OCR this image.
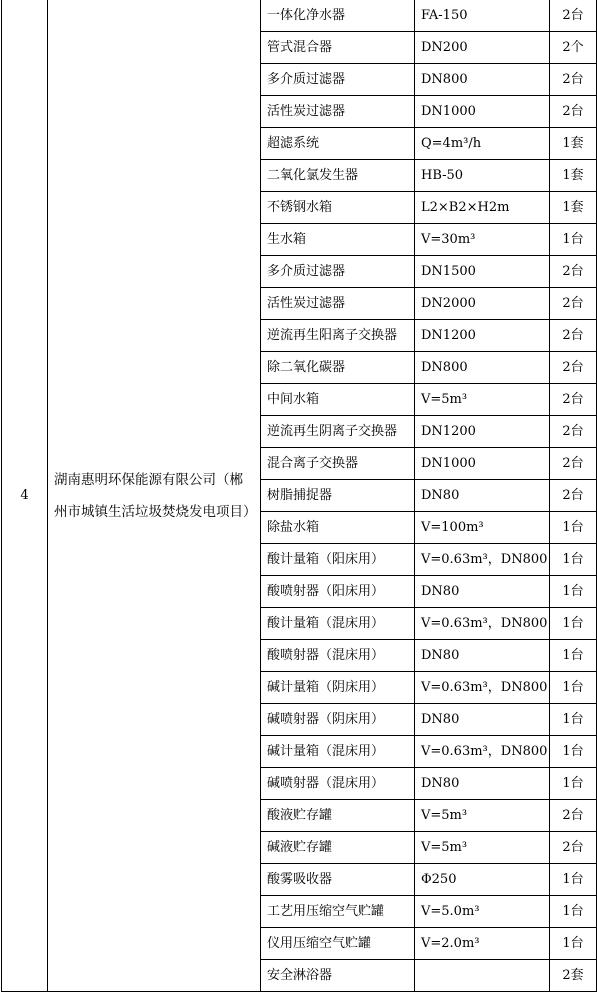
4	湖南惠明环保能源有限公司（郴州市城镇生活垃圾焚烧发电项目）	一体化净水器	FA-150	2台
		管式混合器	DN200	2个
		多介质过滤器	DN800	2台
		活性炭过滤器	DN1000	2台
		超滤系统	Q=4m³/h	1套
		二氧化氯发生器	HB-50	1套
		不锈钢水箱	L2×B2×H2m	1套
		生水箱	V=30m³	1台
		多介质过滤器	DN1500	2台
		活性炭过滤器	DN2000	2台
		逆流再生阳离子交换器	DN1200	2台
		除二氧化碳器	DN800	2台
		中间水箱	V=5m³	2台
		逆流再生阴离子交换器	DN1200	2台
		混合离子交换器	DN1000	2台
		树脂捕捉器	DN80	2台
		除盐水箱	V=100m³	1台
		酸计量箱（阳床用）	V=0.63m³，DN800	1台
		酸喷射器（阳床用）	DN80	1台
		酸计量箱（混床用）	V=0.63m³，DN800	1台
		酸喷射器（混床用）	DN80	1台
		碱计量箱（阴床用）	V=0.63m³，DN800	1台
		碱喷射器（阴床用）	DN80	1台
		碱计量箱（混床用）	V=0.63m³，DN800	1台
		碱喷射器（混床用）	DN80	1台
		酸液贮存罐	V=5m³	2台
		碱液贮存罐	V=5m³	2台
		酸雾吸收器	Φ250	1台
		工艺用压缩空气贮罐	V=5.0m³	1台
		仪用压缩空气贮罐	V=2.0m³	1台
		安全淋浴器		2套
